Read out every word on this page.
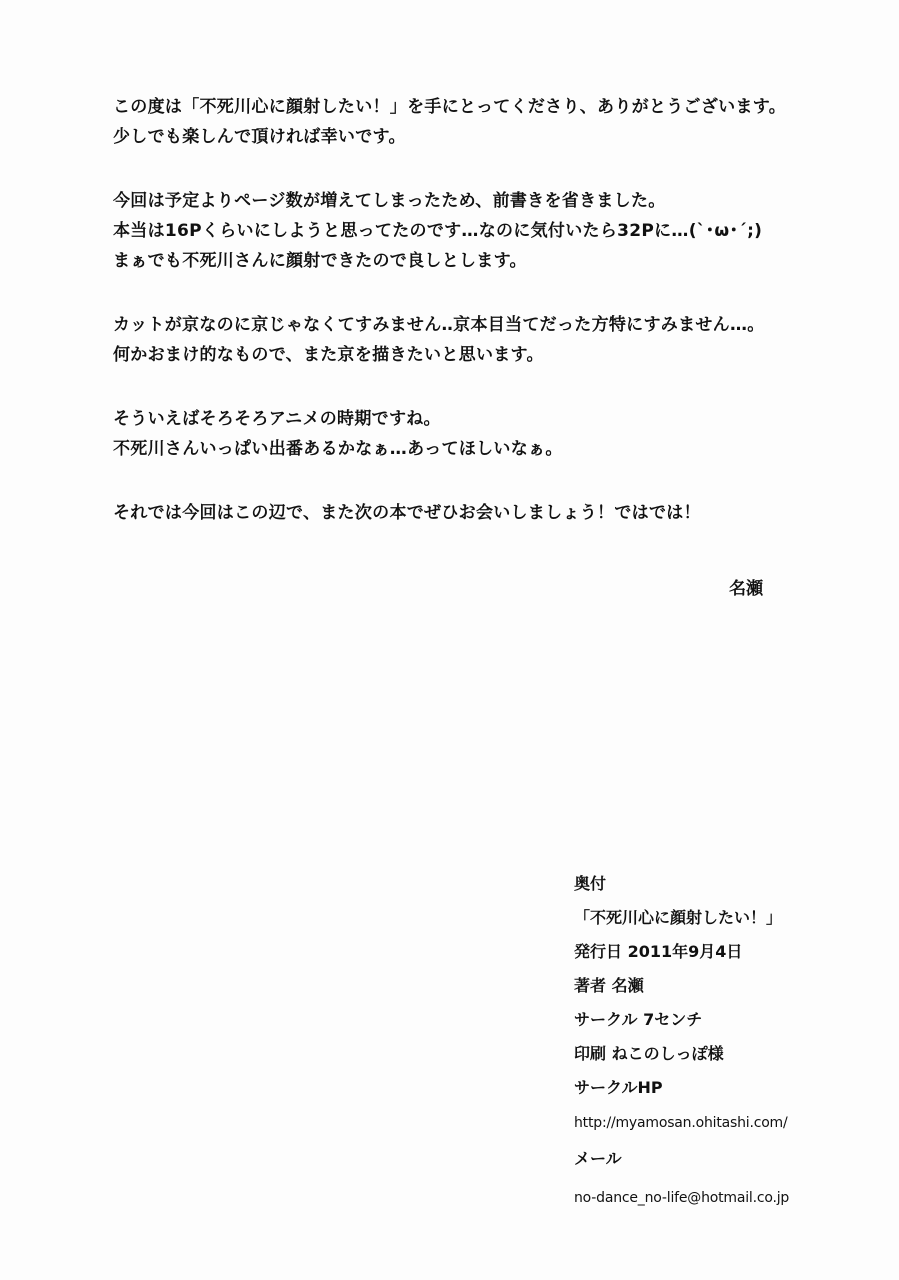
この度は「不死川心に顔射したい！」を手にとってくださり、ありがとうございます。
少しでも楽しんで頂ければ幸いです。

今回は予定よりページ数が増えてしまったため、前書きを省きました。
本当は16Pくらいにしようと思ってたのです…なのに気付いたら32Pに…(`･ω･´;)
まぁでも不死川さんに顔射できたので良しとします。

カットが京なのに京じゃなくてすみません‥京本目当てだった方特にすみません…。
何かおまけ的なもので、また京を描きたいと思います。

そういえばそろそろアニメの時期ですね。
不死川さんいっぱい出番あるかなぁ…あってほしいなぁ。

それでは今回はこの辺で、また次の本でぜひお会いしましょう！ではでは！

名瀬
奥付
「不死川心に顔射したい！」
発行日 2011年9月4日
著者 名瀬
サークル 7センチ
印刷 ねこのしっぽ様
サークルHP
http://myamosan.ohitashi.com/
メール
no-dance_no-life@hotmail.co.jp
